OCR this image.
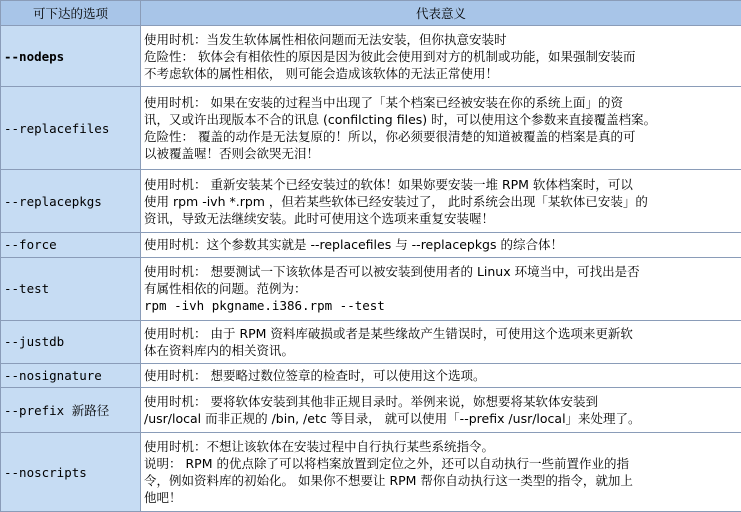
可下达的选项	代表意义
--nodeps	使用时机：当发生软体属性相依问题而无法安装，但你执意安装时
危险性： 软体会有相依性的原因是因为彼此会使用到对方的机制或功能，如果强制安装而
不考虑软体的属性相依， 则可能会造成该软体的无法正常使用！

--replacefiles	使用时机： 如果在安装的过程当中出现了「某个档案已经被安装在你的系统上面」的资
讯，又或许出现版本不合的讯息 (confilcting files) 时，可以使用这个参数来直接覆盖档案。
危险性： 覆盖的动作是无法复原的！所以，你必须要很清楚的知道被覆盖的档案是真的可
以被覆盖喔！否则会欲哭无泪！

--replacepkgs	使用时机： 重新安装某个已经安装过的软体！如果妳要安装一堆 RPM 软体档案时，可以
使用 rpm -ivh *.rpm ，但若某些软体已经安装过了， 此时系统会出现「某软体已安装」的
资讯，导致无法继续安装。此时可使用这个选项来重复安装喔！

--force	使用时机：这个参数其实就是 --replacefiles 与 --replacepkgs 的综合体！

--test	使用时机： 想要测试一下该软体是否可以被安装到使用者的 Linux 环境当中，可找出是否
有属性相依的问题。范例为：
rpm -ivh pkgname.i386.rpm --test

--justdb	使用时机： 由于 RPM 资料库破损或者是某些缘故产生错误时，可使用这个选项来更新软
体在资料库内的相关资讯。

--nosignature	使用时机： 想要略过数位签章的检查时，可以使用这个选项。

--prefix 新路径	使用时机： 要将软体安装到其他非正规目录时。举例来说，妳想要将某软体安装到
/usr/local 而非正规的 /bin, /etc 等目录， 就可以使用「--prefix /usr/local」来处理了。

--noscripts	使用时机：不想让该软体在安装过程中自行执行某些系统指令。
说明： RPM 的优点除了可以将档案放置到定位之外，还可以自动执行一些前置作业的指
令，例如资料库的初始化。 如果你不想要让 RPM 帮你自动执行这一类型的指令，就加上
他吧！
